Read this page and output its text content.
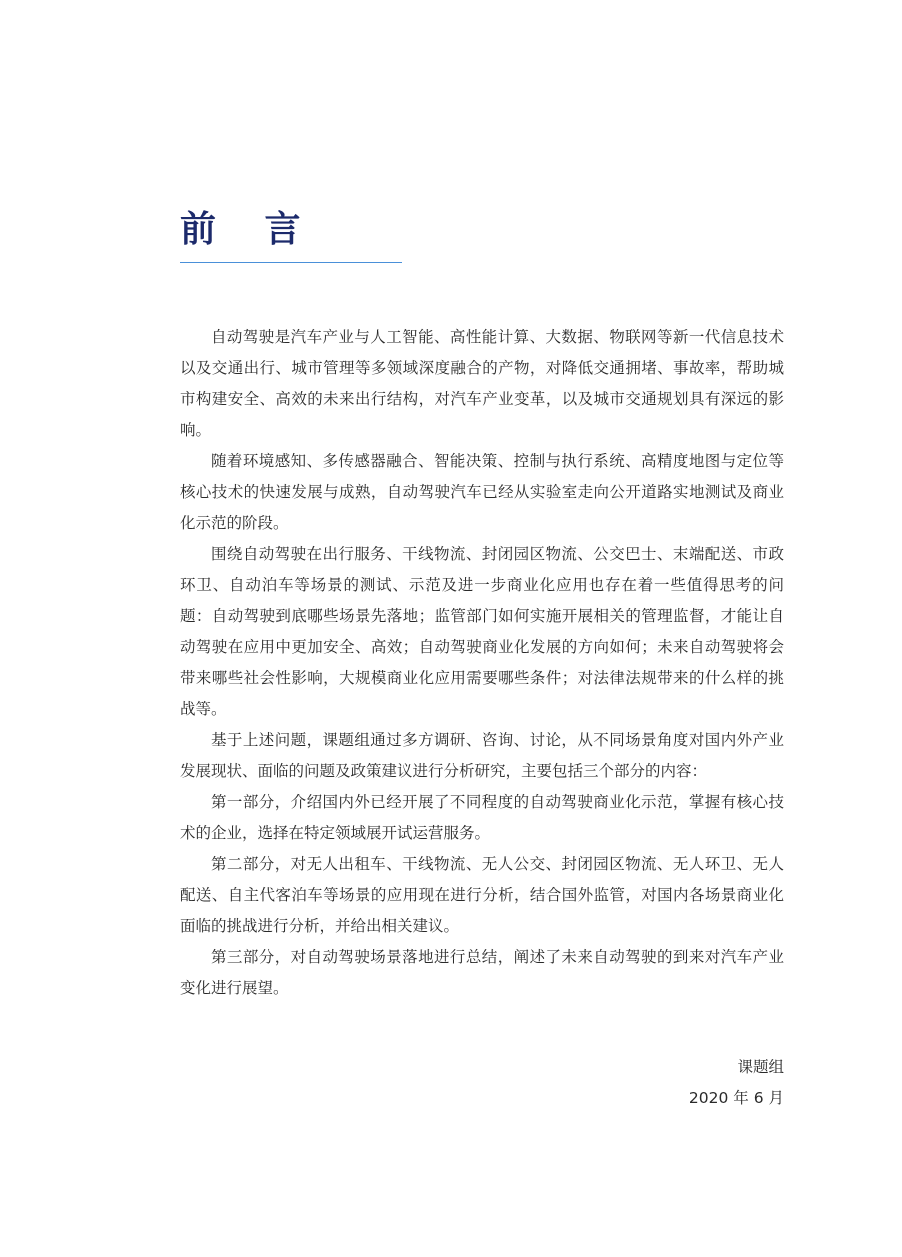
前 言

自动驾驶是汽车产业与人工智能、高性能计算、大数据、物联网等新一代信息技术以及交通出行、城市管理等多领域深度融合的产物，对降低交通拥堵、事故率，帮助城市构建安全、高效的未来出行结构，对汽车产业变革，以及城市交通规划具有深远的影响。

随着环境感知、多传感器融合、智能决策、控制与执行系统、高精度地图与定位等核心技术的快速发展与成熟，自动驾驶汽车已经从实验室走向公开道路实地测试及商业化示范的阶段。

围绕自动驾驶在出行服务、干线物流、封闭园区物流、公交巴士、末端配送、市政环卫、自动泊车等场景的测试、示范及进一步商业化应用也存在着一些值得思考的问题：自动驾驶到底哪些场景先落地；监管部门如何实施开展相关的管理监督，才能让自动驾驶在应用中更加安全、高效；自动驾驶商业化发展的方向如何；未来自动驾驶将会带来哪些社会性影响，大规模商业化应用需要哪些条件；对法律法规带来的什么样的挑战等。

基于上述问题，课题组通过多方调研、咨询、讨论，从不同场景角度对国内外产业发展现状、面临的问题及政策建议进行分析研究，主要包括三个部分的内容：

第一部分，介绍国内外已经开展了不同程度的自动驾驶商业化示范，掌握有核心技术的企业，选择在特定领域展开试运营服务。

第二部分，对无人出租车、干线物流、无人公交、封闭园区物流、无人环卫、无人配送、自主代客泊车等场景的应用现在进行分析，结合国外监管，对国内各场景商业化面临的挑战进行分析，并给出相关建议。

第三部分，对自动驾驶场景落地进行总结，阐述了未来自动驾驶的到来对汽车产业变化进行展望。

课题组
2020 年 6 月
